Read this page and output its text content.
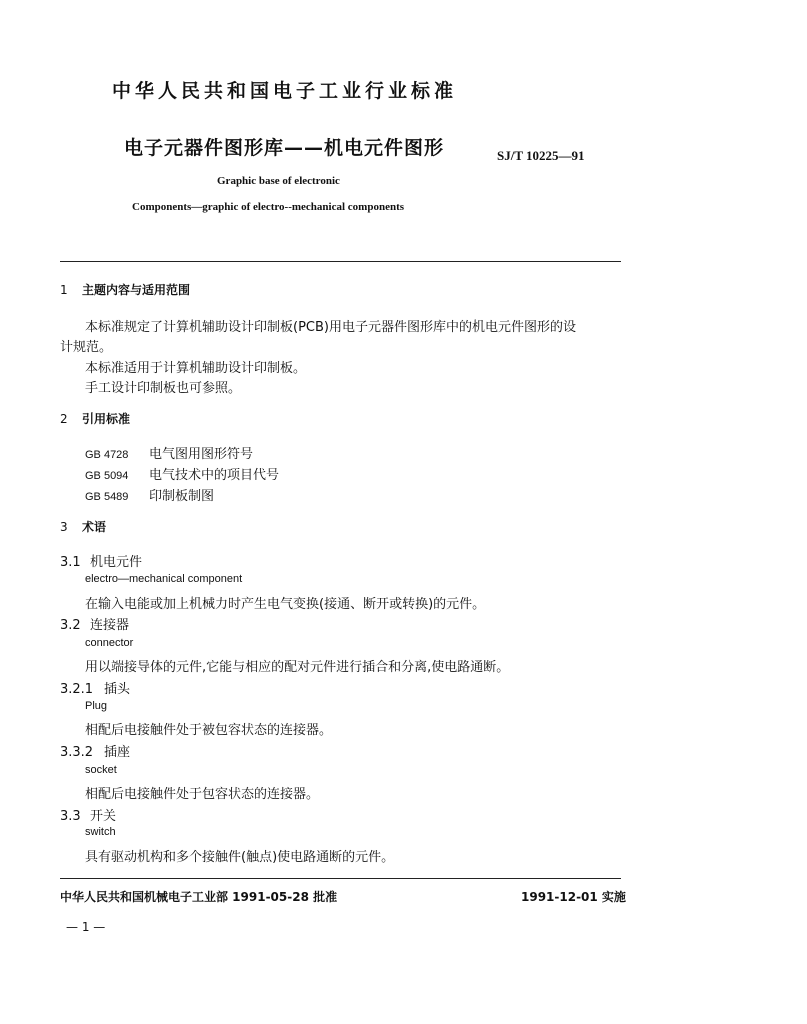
中华人民共和国电子工业行业标准
电子元器件图形库——机电元件图形	SJ/T 10225—91
Graphic base of electronic
Components—graphic of electro--mechanical components
1 主题内容与适用范围
本标准规定了计算机辅助设计印制板(PCB)用电子元器件图形库中的机电元件图形的设
计规范。
本标准适用于计算机辅助设计印制板。
手工设计印制板也可参照。
2 引用标准
GB 4728 电气图用图形符号
GB 5094 电气技术中的项目代号
GB 5489 印制板制图
3 术语
3.1 机电元件
electro—mechanical component
在输入电能或加上机械力时产生电气变换(接通、断开或转换)的元件。
3.2 连接器
connector
用以端接导体的元件,它能与相应的配对元件进行插合和分离,使电路通断。
3.2.1 插头
Plug
相配后电接触件处于被包容状态的连接器。
3.3.2 插座
socket
相配后电接触件处于包容状态的连接器。
3.3 开关
switch
具有驱动机构和多个接触件(触点)使电路通断的元件。
中华人民共和国机械电子工业部 1991-05-28 批准	1991-12-01 实施
— 1 —
